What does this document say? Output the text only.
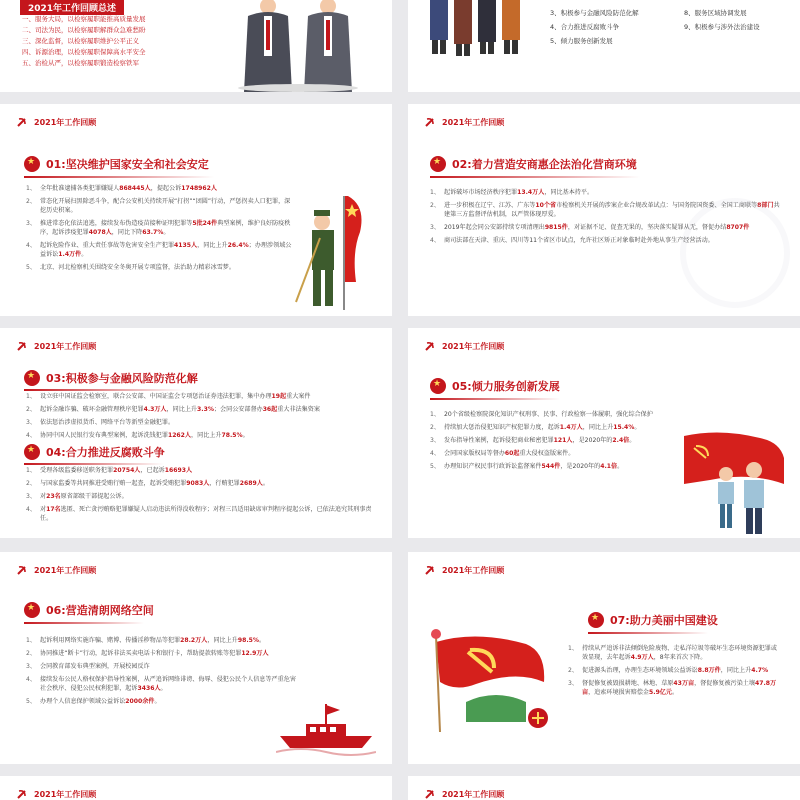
2021年工作回顾总述
一、服务大局，以检察履职能推高质量发展
二、司法为民，以检察履职解群众急难愁盼
三、深化监督，以检察履职维护公平正义
四、诉源治理，以检察履职保障高水平安全
五、治检从严，以检察履职锻造检察铁军
3、积极参与金融风险防范化解
4、合力推进反腐败斗争
5、倾力服务创新发展
8、服务区域协调发展
9、积极参与涉外法治建设
2021年工作回顾
★
01:坚决维护国家安全和社会安定
1、 全年批准逮捕各类犯罪嫌疑人868445人，提起公诉1748962人
2、 常态化开展扫黑除恶斗争，配合公安机关持续开展“打拐”“团圆”行动，严惩拐卖人口犯罪，深挖历史积案。
3、 推进常态化依法追逃，接续发布伪造疫苗接种证明犯罪等5批24件典型案例，维护良好防疫秩序，起诉涉疫犯罪4078人，同比下降63.7%。
4、 起诉危险作业、重大责任事故等危害安全生产犯罪4135人，同比上升26.4%；办理涉领域公益诉讼1.4万件。
5、 北京、河北检察机关围绕安全冬奥开展专项监督，法治助力精彩冰雪梦。
2021年工作回顾
★
02:着力营造安商惠企法治化营商环境
1、 起诉破坏市场经济秩序犯罪13.4万人，同比基本持平。
2、 进一步积极在辽宁、江苏、广东等10个省市检察机关开展的涉案企业合规改革试点：与国务院国资委、全国工商联等8部门共建第三方监督评估机制，以严管体现厚爱。
3、 2019年起会同公安部持续专项清理出9815件，对证据不足、促查无果的，坚决落实疑罪从无，督促办结8707件
4、 商司法部在天津、重庆、四川等11个省区市试点，允许社区矫正对象临时赴外地从事生产经营活动。
2021年工作回顾
★
03:积极参与金融风险防范化解
1、 设立驻中国证监会检察室，联合公安部、中国证监会专项惩治证券违法犯罪，集中办理19起重大案件
2、 起诉金融诈骗、破坏金融管理秩序犯罪4.3万人，同比上升3.3%；会同公安部督办36起重大非法集资案
3、 依法惩治涉虚拟货币、网络平台等新型金融犯罪。
4、 协同中国人民银行发布典型案例，起诉洗钱犯罪1262人，同比上升78.5%。
★
04:合力推进反腐败斗争
1、 受理各级监委移送职务犯罪20754人，已起诉16693人
2、 与国家监委等共同推进受贿行贿一起查，起诉受贿犯罪9083人，行贿犯罪2689人。
3、 对23名原省部级干部提起公诉。
4、 对17名逃匿、死亡贪污贿赂犯罪嫌疑人启动违法所得没收程序；对程三昌适用缺席审判程序提起公诉，已依法追究其刑事责任。
2021年工作回顾
★
05:倾力服务创新发展
1、 20个省级检察院深化知识产权刑事、民事、行政检察一体履职，强化综合保护
2、 持续加大惩治侵犯知识产权犯罪力度，起诉1.4万人，同比上升15.4%。
3、 发布指导性案例，起诉侵犯商业秘密犯罪121人，是2020年的2.4倍。
4、 会同国家版权局等督办60起重大侵权盗版案件。
5、 办理知识产权民事行政诉讼监督案件544件，是2020年的4.1倍。
2021年工作回顾
★
06:营造清朗网络空间
1、 起诉利用网络实施诈骗、赌博、传播淫秽物品等犯罪28.2万人，同比上升98.5%。
2、 协同推进“断卡”行动，起诉非法买卖电话卡和银行卡，帮助提款转账等犯罪12.9万人
3、 会同教育部发布典型案例，开展校园反诈
4、 接续发布公民人格权保护指导性案例，从严追诉网络诽谤、侮辱、侵犯公民个人信息等严重危害社会秩序、侵犯公民权利犯罪，起诉3436人。
5、 办理个人信息保护领域公益诉讼2000余件。
2021年工作回顾
★
07:助力美丽中国建设
1、 持续从严追诉非法倾倒危险废物、走私洋垃圾等破坏生态环境资源犯罪或效显现，去年起诉4.9万人，8年来首次下降。
2、 促进源头治理，办理生态环境领域公益诉讼8.8万件，同比上升4.7%
3、 督促修复被毁损耕地、林地、草原43万亩，督促修复被污染土壤47.8万亩，追索环境损害赔偿金5.9亿元。
2021年工作回顾	2021年工作回顾
